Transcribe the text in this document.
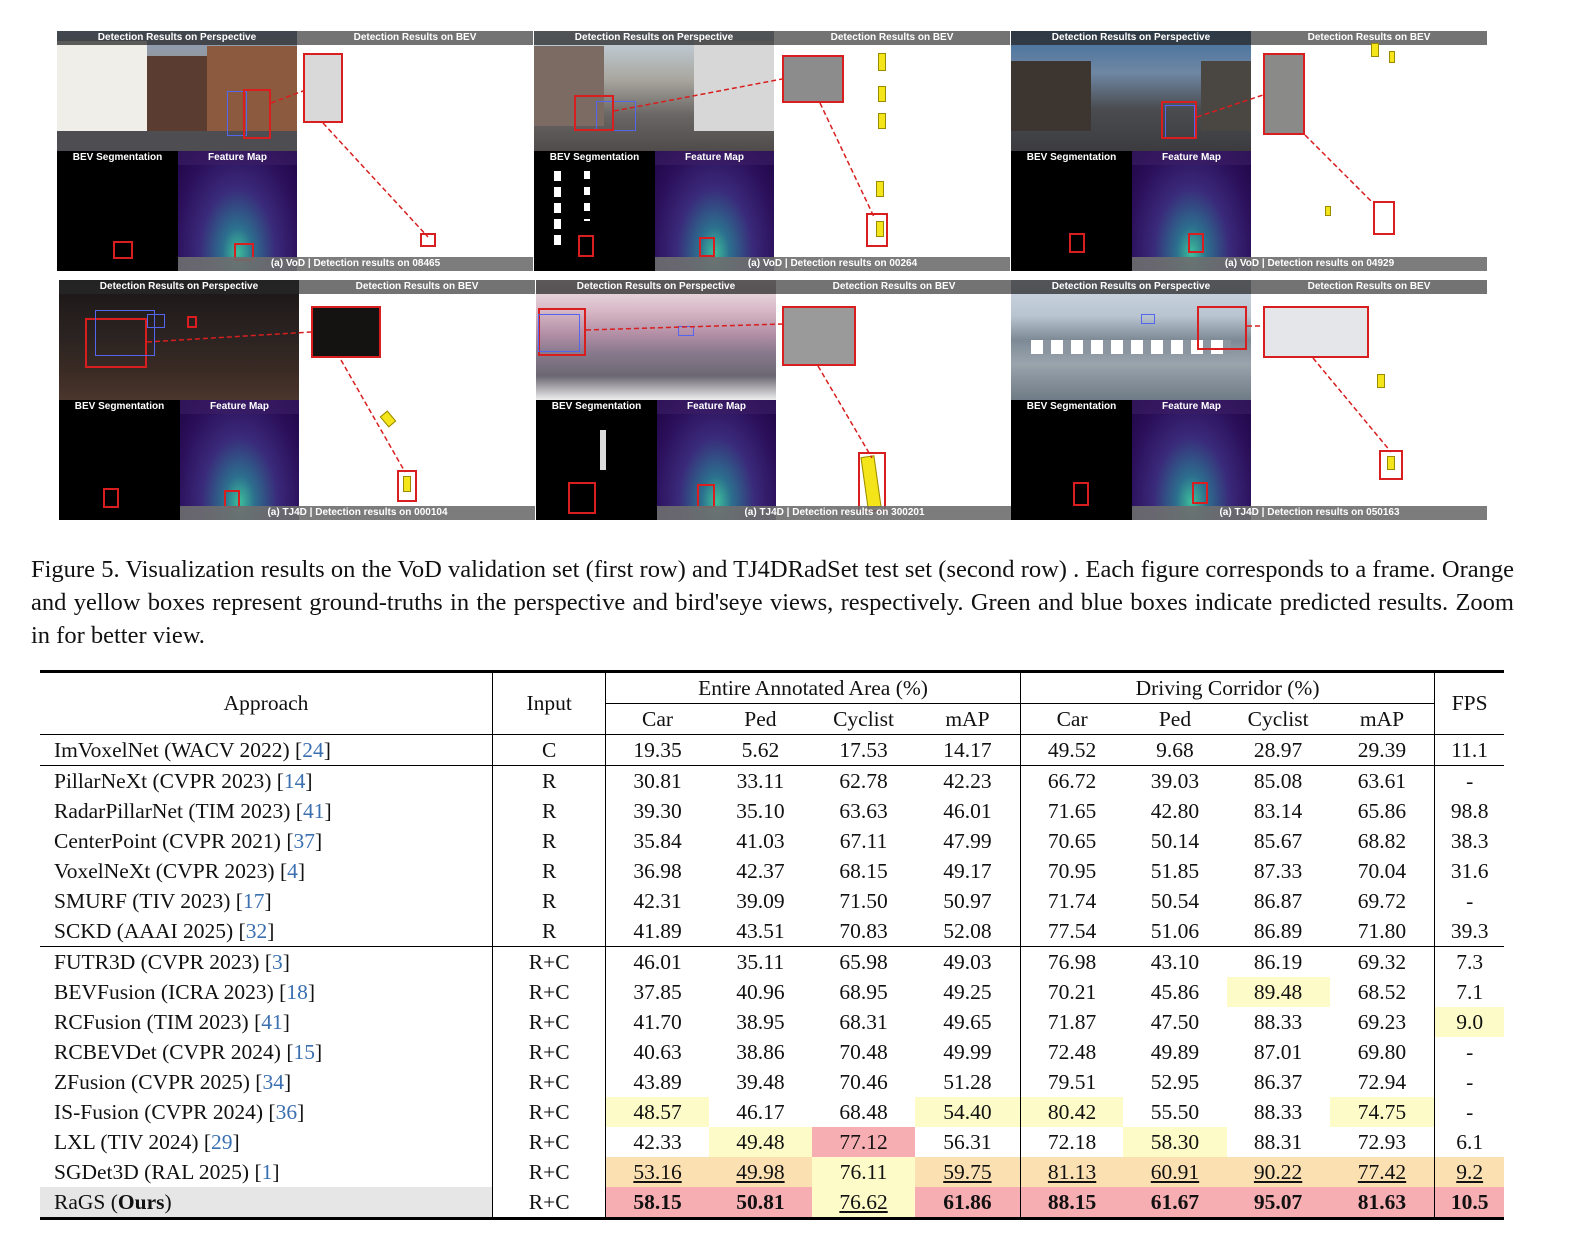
Detection Results on Perspective	Detection Results on BEV
BEV Segmentation	Feature Map
(a) VoD | Detection results on 08465
Detection Results on Perspective	Detection Results on BEV
BEV Segmentation	Feature Map
(a) VoD | Detection results on 00264
Detection Results on Perspective	Detection Results on BEV
BEV Segmentation	Feature Map
(a) VoD | Detection results on 04929
Detection Results on Perspective	Detection Results on BEV
BEV Segmentation	Feature Map
(a) TJ4D | Detection results on 000104
Detection Results on Perspective	Detection Results on BEV
BEV Segmentation	Feature Map
(a) TJ4D | Detection results on 300201
Detection Results on Perspective	Detection Results on BEV
BEV Segmentation	Feature Map
(a) TJ4D | Detection results on 050163

Figure 5. Visualization results on the VoD validation set (first row) and TJ4DRadSet test set (second row) . Each figure corresponds to a frame. Orange and yellow boxes represent ground-truths in the perspective and bird'seye views, respectively. Green and blue boxes indicate predicted results. Zoom in for better view.

Approach	Input	Entire Annotated Area (%)				Driving Corridor (%)				FPS
		Car	Ped	Cyclist	mAP	Car	Ped	Cyclist	mAP	
ImVoxelNet (WACV 2022) [24]	C	19.35	5.62	17.53	14.17	49.52	9.68	28.97	29.39	11.1
PillarNeXt (CVPR 2023) [14]	R	30.81	33.11	62.78	42.23	66.72	39.03	85.08	63.61	-
RadarPillarNet (TIM 2023) [41]	R	39.30	35.10	63.63	46.01	71.65	42.80	83.14	65.86	98.8
CenterPoint (CVPR 2021) [37]	R	35.84	41.03	67.11	47.99	70.65	50.14	85.67	68.82	38.3
VoxelNeXt (CVPR 2023) [4]	R	36.98	42.37	68.15	49.17	70.95	51.85	87.33	70.04	31.6
SMURF (TIV 2023) [17]	R	42.31	39.09	71.50	50.97	71.74	50.54	86.87	69.72	-
SCKD (AAAI 2025) [32]	R	41.89	43.51	70.83	52.08	77.54	51.06	86.89	71.80	39.3
FUTR3D (CVPR 2023) [3]	R+C	46.01	35.11	65.98	49.03	76.98	43.10	86.19	69.32	7.3
BEVFusion (ICRA 2023) [18]	R+C	37.85	40.96	68.95	49.25	70.21	45.86	89.48	68.52	7.1
RCFusion (TIM 2023) [41]	R+C	41.70	38.95	68.31	49.65	71.87	47.50	88.33	69.23	9.0
RCBEVDet (CVPR 2024) [15]	R+C	40.63	38.86	70.48	49.99	72.48	49.89	87.01	69.80	-
ZFusion (CVPR 2025) [34]	R+C	43.89	39.48	70.46	51.28	79.51	52.95	86.37	72.94	-
IS-Fusion (CVPR 2024) [36]	R+C	48.57	46.17	68.48	54.40	80.42	55.50	88.33	74.75	-
LXL (TIV 2024) [29]	R+C	42.33	49.48	77.12	56.31	72.18	58.30	88.31	72.93	6.1
SGDet3D (RAL 2025) [1]	R+C	53.16	49.98	76.11	59.75	81.13	60.91	90.22	77.42	9.2
RaGS (Ours)	R+C	58.15	50.81	76.62	61.86	88.15	61.67	95.07	81.63	10.5
